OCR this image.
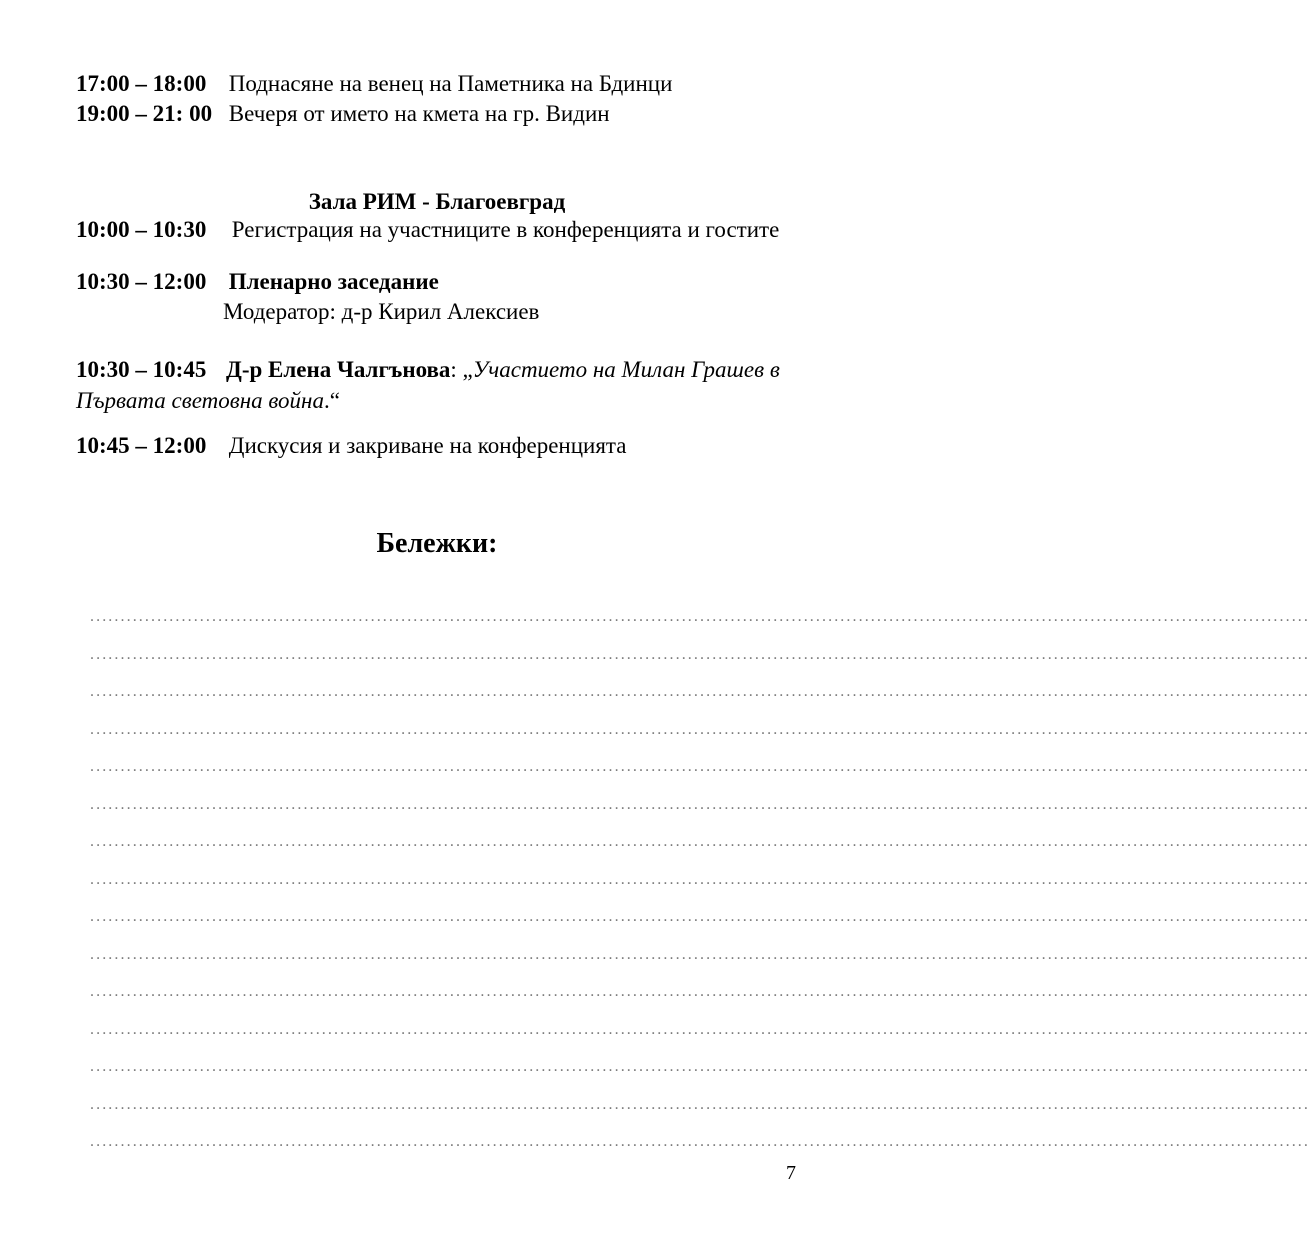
17:00 – 18:00 Поднасяне на венец на Паметника на Бдинци
19:00 – 21: 00 Вечеря от името на кмета на гр. Видин
Зала РИМ - Благоевград
10:00 – 10:30 Регистрация на участниците в конференцията и гостите
10:30 – 12:00 Пленарно заседание
Модератор: д-р Кирил Алексиев
10:30 – 10:45 Д-р Елена Чалгънова: „Участието на Милан Грашев в
Първата световна война.“
10:45 – 12:00 Дискусия и закриване на конференцията
Бележки:
........................................................................................................................................................................................................
........................................................................................................................................................................................................
........................................................................................................................................................................................................
........................................................................................................................................................................................................
........................................................................................................................................................................................................
........................................................................................................................................................................................................
........................................................................................................................................................................................................
........................................................................................................................................................................................................
........................................................................................................................................................................................................
........................................................................................................................................................................................................
........................................................................................................................................................................................................
........................................................................................................................................................................................................
........................................................................................................................................................................................................
........................................................................................................................................................................................................
........................................................................................................................................................................................................
7
